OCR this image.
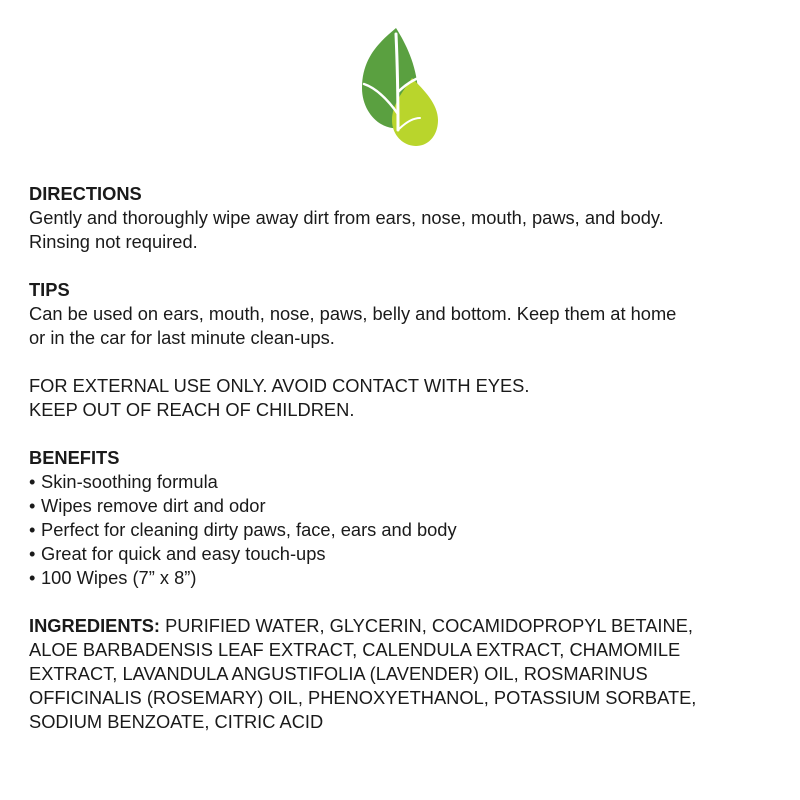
DIRECTIONS
Gently and thoroughly wipe away dirt from ears, nose, mouth, paws, and body.
Rinsing not required.
TIPS
Can be used on ears, mouth, nose, paws, belly and bottom. Keep them at home
or in the car for last minute clean-ups.
FOR EXTERNAL USE ONLY. AVOID CONTACT WITH EYES.
KEEP OUT OF REACH OF CHILDREN.
BENEFITS
• Skin-soothing formula
• Wipes remove dirt and odor
• Perfect for cleaning dirty paws, face, ears and body
• Great for quick and easy touch-ups
• 100 Wipes (7” x 8”)
INGREDIENTS: PURIFIED WATER, GLYCERIN, COCAMIDOPROPYL BETAINE,
ALOE BARBADENSIS LEAF EXTRACT, CALENDULA EXTRACT, CHAMOMILE
EXTRACT, LAVANDULA ANGUSTIFOLIA (LAVENDER) OIL, ROSMARINUS
OFFICINALIS (ROSEMARY) OIL, PHENOXYETHANOL, POTASSIUM SORBATE,
SODIUM BENZOATE, CITRIC ACID
